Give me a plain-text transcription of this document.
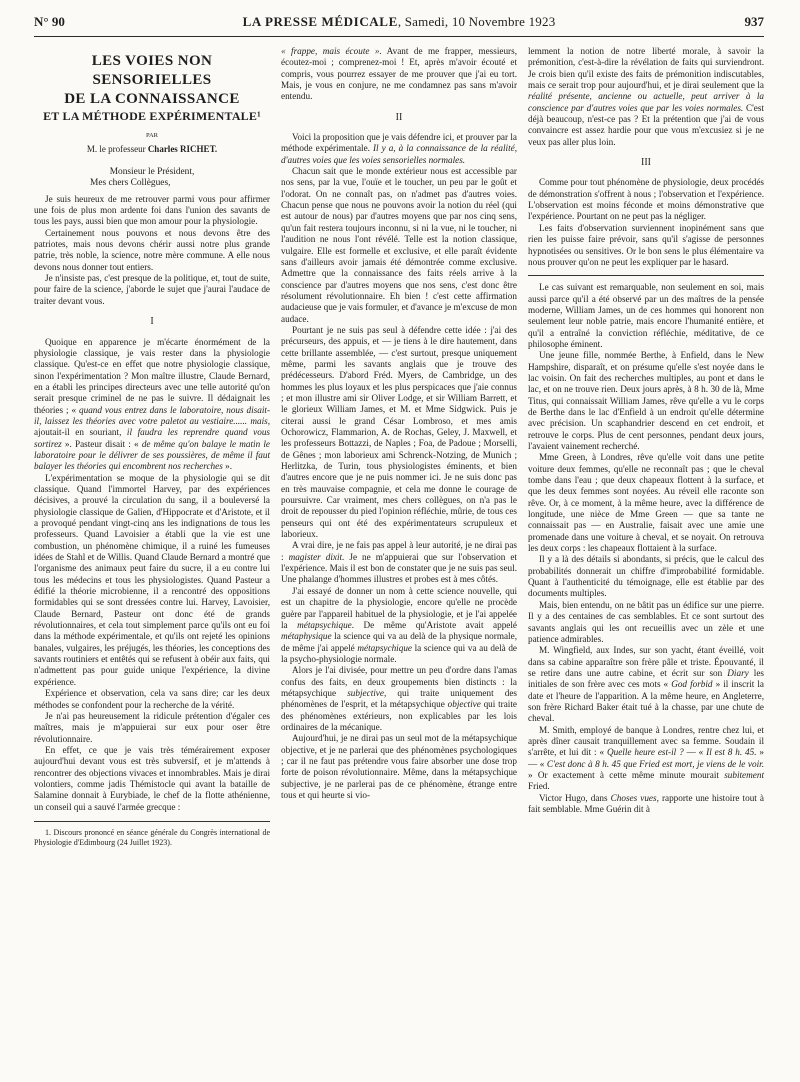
N° 90	LA PRESSE MÉDICALE, Samedi, 10 Novembre 1923	937
LES VOIES NON SENSORIELLES
DE LA CONNAISSANCE
ET LA MÉTHODE EXPÉRIMENTALE¹
PAR
M. le professeur Charles RICHET.
Monsieur le Président,
Mes chers Collègues,

Je suis heureux de me retrouver parmi vous pour affirmer une fois de plus mon ardente foi dans l'union des savants de tous les pays, aussi bien que mon amour pour la physiologie.

Certainement nous pouvons et nous devons être des patriotes, mais nous devons chérir aussi notre plus grande patrie, très noble, la science, notre mère commune. A elle nous devons nous donner tout entiers.

Je n'insiste pas, c'est presque de la politique, et, tout de suite, pour faire de la science, j'aborde le sujet que j'aurai l'audace de traiter devant vous.

I

Quoique en apparence je m'écarte énormément de la physiologie classique, je vais rester dans la physiologie classique. Qu'est-ce en effet que notre physiologie classique, sinon l'expérimentation ? Mon maître illustre, Claude Bernard, en a établi les principes directeurs avec une telle autorité qu'on serait presque criminel de ne pas le suivre. Il dédaignait les théories ; « quand vous entrez dans le laboratoire, nous disait-il, laissez les théories avec votre paletot au vestiaire...... mais, ajoutait-il en souriant, il faudra les reprendre quand vous sortirez ». Pasteur disait : « de même qu'on balaye le matin le laboratoire pour le délivrer de ses poussières, de même il faut balayer les théories qui encombrent nos recherches ».

L'expérimentation se moque de la physiologie qui se dit classique. Quand l'immortel Harvey, par des expériences décisives, a prouvé la circulation du sang, il a bouleversé la physiologie classique de Galien, d'Hippocrate et d'Aristote, et il a provoqué pendant vingt-cinq ans les indignations de tous les professeurs. Quand Lavoisier a établi que la vie est une combustion, un phénomène chimique, il a ruiné les fumeuses idées de Stahl et de Willis. Quand Claude Bernard a montré que l'organisme des animaux peut faire du sucre, il a eu contre lui tous les médecins et tous les physiologistes. Quand Pasteur a édifié la théorie microbienne, il a rencontré des oppositions formidables qui se sont dressées contre lui. Harvey, Lavoisier, Claude Bernard, Pasteur ont donc été de grands révolutionnaires, et cela tout simplement parce qu'ils ont eu foi dans la méthode expérimentale, et qu'ils ont rejeté les opinions banales, vulgaires, les préjugés, les théories, les conceptions des savants routiniers et entêtés qui se refusent à obéir aux faits, qui n'admettent pas pour guide unique l'expérience, la divine expérience.

Expérience et observation, cela va sans dire; car les deux méthodes se confondent pour la recherche de la vérité.

Je n'ai pas heureusement la ridicule prétention d'égaler ces maîtres, mais je m'appuierai sur eux pour oser être révolutionnaire.

En effet, ce que je vais très témérairement exposer aujourd'hui devant vous est très subversif, et je m'attends à rencontrer des objections vivaces et innombrables. Mais je dirai volontiers, comme jadis Thémistocle qui avant la bataille de Salamine donnait à Eurybiade, le chef de la flotte athénienne, un conseil qui a sauvé l'armée grecque :

1. Discours prononcé en séance générale du Congrès international de Physiologie d'Edimbourg (24 Juillet 1923).

« frappe, mais écoute ». Avant de me frapper, messieurs, écoutez-moi ; comprenez-moi ! Et, après m'avoir écouté et compris, vous pourrez essayer de me prouver que j'ai eu tort. Mais, je vous en conjure, ne me condamnez pas sans m'avoir entendu.

II

Voici la proposition que je vais défendre ici, et prouver par la méthode expérimentale. Il y a, à la connaissance de la réalité, d'autres voies que les voies sensorielles normales.

Chacun sait que le monde extérieur nous est accessible par nos sens, par la vue, l'ouïe et le toucher, un peu par le goût et l'odorat. On ne connaît pas, on n'admet pas d'autres voies. Chacun pense que nous ne pouvons avoir la notion du réel (qui est autour de nous) par d'autres moyens que par nos cinq sens, qu'un fait restera toujours inconnu, si ni la vue, ni le toucher, ni l'audition ne nous l'ont révélé. Telle est la notion classique, vulgaire. Elle est formelle et exclusive, et elle paraît évidente sans d'ailleurs avoir jamais été démontrée comme exclusive. Admettre que la connaissance des faits réels arrive à la conscience par d'autres moyens que nos sens, c'est donc être résolument révolutionnaire. Eh bien ! c'est cette affirmation audacieuse que je vais formuler, et d'avance je m'excuse de mon audace.

Pourtant je ne suis pas seul à défendre cette idée : j'ai des précurseurs, des appuis, et — je tiens à le dire hautement, dans cette brillante assemblée, — c'est surtout, presque uniquement même, parmi les savants anglais que je trouve des prédécesseurs. D'abord Fréd. Myers, de Cambridge, un des hommes les plus loyaux et les plus perspicaces que j'aie connus ; et mon illustre ami sir Oliver Lodge, et sir William Barrett, et le glorieux William James, et M. et Mme Sidgwick. Puis je citerai aussi le grand César Lombroso, et mes amis Ochorowicz, Flammarion, A. de Rochas, Geley, J. Maxwell, et les professeurs Bottazzi, de Naples ; Foa, de Padoue ; Morselli, de Gênes ; mon laborieux ami Schrenck-Notzing, de Munich ; Herlitzka, de Turin, tous physiologistes éminents, et bien d'autres encore que je ne puis nommer ici. Je ne suis donc pas en très mauvaise compagnie, et cela me donne le courage de poursuivre. Car vraiment, mes chers collègues, on n'a pas le droit de repousser du pied l'opinion réfléchie, mûrie, de tous ces penseurs qui ont été des expérimentateurs scrupuleux et laborieux.

A vrai dire, je ne fais pas appel à leur autorité, je ne dirai pas : magister dixit. Je ne m'appuierai que sur l'observation et l'expérience. Mais il est bon de constater que je ne suis pas seul. Une phalange d'hommes illustres et probes est à mes côtés.

J'ai essayé de donner un nom à cette science nouvelle, qui est un chapitre de la physiologie, encore qu'elle ne procède guère par l'appareil habituel de la physiologie, et je l'ai appelée la métapsychique. De même qu'Aristote avait appelé métaphysique la science qui va au delà de la physique normale, de même j'ai appelé métapsychique la science qui va au delà de la psycho-physiologie normale.

Alors je l'ai divisée, pour mettre un peu d'ordre dans l'amas confus des faits, en deux groupements bien distincts : la métapsychique subjective, qui traite uniquement des phénomènes de l'esprit, et la métapsychique objective qui traite des phénomènes extérieurs, non explicables par les lois ordinaires de la mécanique.

Aujourd'hui, je ne dirai pas un seul mot de la métapsychique objective, et je ne parlerai que des phénomènes psychologiques ; car il ne faut pas prétendre vous faire absorber une dose trop forte de poison révolutionnaire. Même, dans la métapsychique subjective, je ne parlerai pas de ce phénomène, étrange entre tous et qui heurte si vio-

lemment la notion de notre liberté morale, à savoir la prémonition, c'est-à-dire la révélation de faits qui surviendront. Je crois bien qu'il existe des faits de prémonition indiscutables, mais ce serait trop pour aujourd'hui, et je dirai seulement que la réalité présente, ancienne ou actuelle, peut arriver à la conscience par d'autres voies que par les voies normales. C'est déjà beaucoup, n'est-ce pas ? Et la prétention que j'ai de vous convaincre est assez hardie pour que vous m'excusiez si je ne veux pas aller plus loin.

III

Comme pour tout phénomène de physiologie, deux procédés de démonstration s'offrent à nous ; l'observation et l'expérience. L'observation est moins féconde et moins démonstrative que l'expérience. Pourtant on ne peut pas la négliger.

Les faits d'observation surviennent inopinément sans que rien les puisse faire prévoir, sans qu'il s'agisse de personnes hypnotisées ou sensitives. Or le bon sens le plus élémentaire va nous prouver qu'on ne peut les expliquer par le hasard.

Le cas suivant est remarquable, non seulement en soi, mais aussi parce qu'il a été observé par un des maîtres de la pensée moderne, William James, un de ces hommes qui honorent non seulement leur noble patrie, mais encore l'humanité entière, et qu'il a entraîné la conviction réfléchie, méditative, de ce philosophe éminent.

Une jeune fille, nommée Berthe, à Enfield, dans le New Hampshire, disparaît, et on présume qu'elle s'est noyée dans le lac voisin. On fait des recherches multiples, au pont et dans le lac, et on ne trouve rien. Deux jours après, à 8 h. 30 de là, Mme Titus, qui connaissait William James, rêve qu'elle a vu le corps de Berthe dans le lac d'Enfield à un endroit qu'elle détermine avec précision. Un scaphandrier descend en cet endroit, et retrouve le corps. Plus de cent personnes, pendant deux jours, l'avaient vainement recherché.

Mme Green, à Londres, rêve qu'elle voit dans une petite voiture deux femmes, qu'elle ne reconnaît pas ; que le cheval tombe dans l'eau ; que deux chapeaux flottent à la surface, et que les deux femmes sont noyées. Au réveil elle raconte son rêve. Or, à ce moment, à la même heure, avec la différence de longitude, une nièce de Mme Green — que sa tante ne connaissait pas — en Australie, faisait avec une amie une promenade dans une voiture à cheval, et se noyait. On retrouva les deux corps : les chapeaux flottaient à la surface.

Il y a là des détails si abondants, si précis, que le calcul des probabilités donnerait un chiffre d'improbabilité formidable. Quant à l'authenticité du témoignage, elle est établie par des documents multiples.

Mais, bien entendu, on ne bâtit pas un édifice sur une pierre. Il y a des centaines de cas semblables. Et ce sont surtout des savants anglais qui les ont recueillis avec un zèle et une patience admirables.

M. Wingfield, aux Indes, sur son yacht, étant éveillé, voit dans sa cabine apparaître son frère pâle et triste. Épouvanté, il se retire dans une autre cabine, et écrit sur son Diary les initiales de son frère avec ces mots « God forbid » il inscrit la date et l'heure de l'apparition. A la même heure, en Angleterre, son frère Richard Baker était tué à la chasse, par une chute de cheval.

M. Smith, employé de banque à Londres, rentre chez lui, et après dîner causait tranquillement avec sa femme. Soudain il s'arrête, et lui dit : « Quelle heure est-il ? — « Il est 8 h. 45. » — « C'est donc à 8 h. 45 que Fried est mort, je viens de le voir. » Or exactement à cette même minute mourait subitement Fried.

Victor Hugo, dans Choses vues, rapporte une histoire tout à fait semblable. Mme Guérin dit à
